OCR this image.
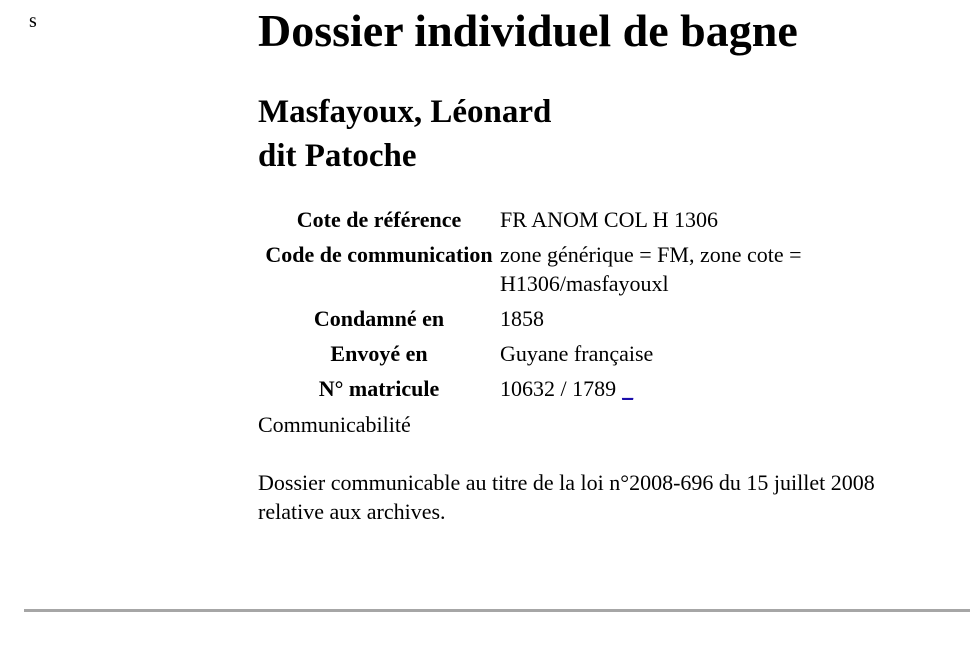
s	Dossier individuel de bagne
Masfayoux, Léonard
dit Patoche
Cote de référence	FR ANOM COL H 1306
Code de communication	zone générique = FM, zone cote = H1306/masfayouxl
Condamné en	1858
Envoyé en	Guyane française
N° matricule	10632 / 1789 _
Communicabilité
Dossier communicable au titre de la loi n°2008-696 du 15 juillet 2008 relative aux archives.
